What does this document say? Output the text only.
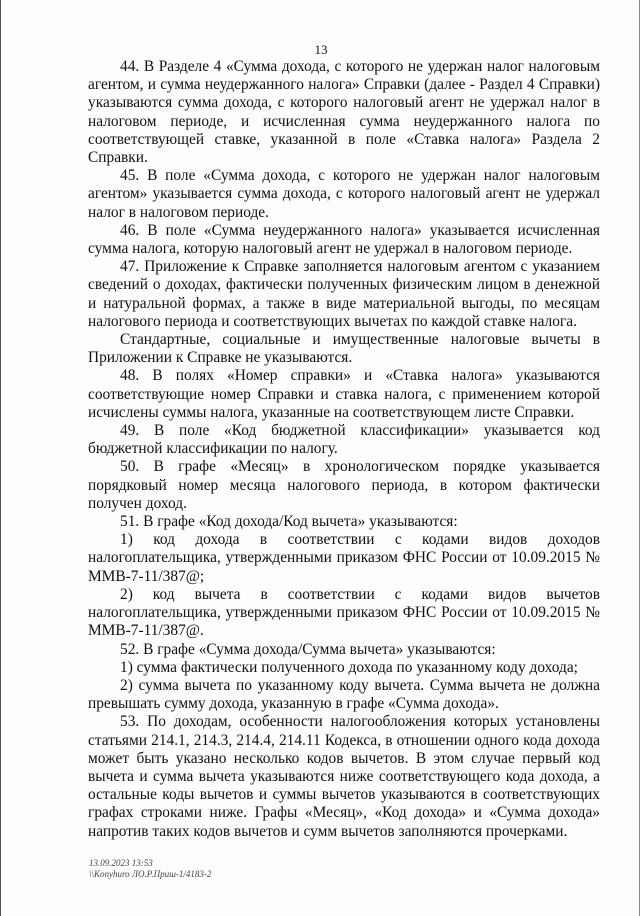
13

44. В Разделе 4 «Сумма дохода, с которого не удержан налог налоговым агентом, и сумма неудержанного налога» Справки (далее - Раздел 4 Справки) указываются сумма дохода, с которого налоговый агент не удержал налог в налоговом периоде, и исчисленная сумма неудержанного налога по соответствующей ставке, указанной в поле «Ставка налога» Раздела 2 Справки.

45. В поле «Сумма дохода, с которого не удержан налог налоговым агентом» указывается сумма дохода, с которого налоговый агент не удержал налог в налоговом периоде.

46. В поле «Сумма неудержанного налога» указывается исчисленная сумма налога, которую налоговый агент не удержал в налоговом периоде.

47. Приложение к Справке заполняется налоговым агентом с указанием сведений о доходах, фактически полученных физическим лицом в денежной и натуральной формах, а также в виде материальной выгоды, по месяцам налогового периода и соответствующих вычетах по каждой ставке налога.

Стандартные, социальные и имущественные налоговые вычеты в Приложении к Справке не указываются.

48. В полях «Номер справки» и «Ставка налога» указываются соответствующие номер Справки и ставка налога, с применением которой исчислены суммы налога, указанные на соответствующем листе Справки.

49. В поле «Код бюджетной классификации» указывается код бюджетной классификации по налогу.

50. В графе «Месяц» в хронологическом порядке указывается порядковый номер месяца налогового периода, в котором фактически получен доход.

51. В графе «Код дохода/Код вычета» указываются:

1) код дохода в соответствии с кодами видов доходов налогоплательщика, утвержденными приказом ФНС России от 10.09.2015 № ММВ-7-11/387@;

2) код вычета в соответствии с кодами видов вычетов налогоплательщика, утвержденными приказом ФНС России от 10.09.2015 № ММВ-7-11/387@.

52. В графе «Сумма дохода/Сумма вычета» указываются:

1) сумма фактически полученного дохода по указанному коду дохода;

2) сумма вычета по указанному коду вычета. Сумма вычета не должна превышать сумму дохода, указанную в графе «Сумма дохода».

53. По доходам, особенности налогообложения которых установлены статьями 214.1, 214.3, 214.4, 214.11 Кодекса, в отношении одного кода дохода может быть указано несколько кодов вычетов. В этом случае первый код вычета и сумма вычета указываются ниже соответствующего кода дохода, а остальные коды вычетов и суммы вычетов указываются в соответствующих графах строками ниже. Графы «Месяц», «Код дохода» и «Сумма дохода» напротив таких кодов вычетов и сумм вычетов заполняются прочерками.

13.09.2023 13:53
\\Konyhuro ЛО.Р.Приш-1/4183-2
